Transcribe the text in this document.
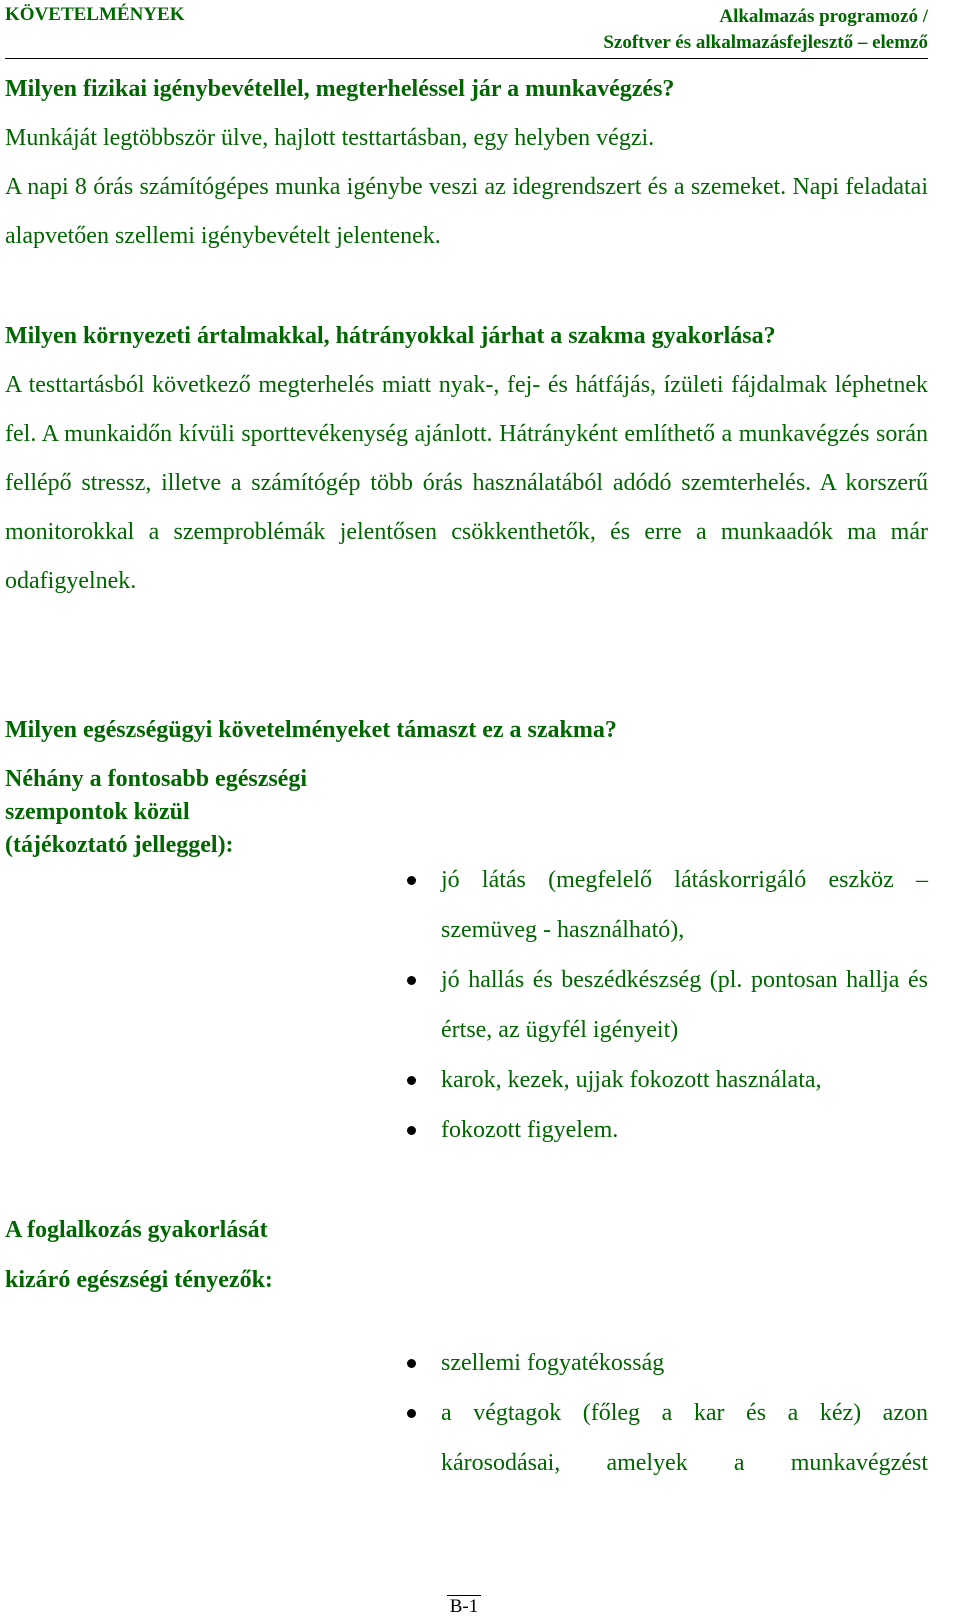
KÖVETELMÉNYEK	Alkalmazás programozó /
Szoftver és alkalmazásfejlesztő – elemző
Milyen fizikai igénybevétellel, megterheléssel jár a munkavégzés?
Munkáját legtöbbször ülve, hajlott testtartásban, egy helyben végzi.
A napi 8 órás számítógépes munka igénybe veszi az idegrendszert és a szemeket. Napi feladatai alapvetően szellemi igénybevételt jelentenek.
Milyen környezeti ártalmakkal, hátrányokkal járhat a szakma gyakorlása?
A testtartásból következő megterhelés miatt nyak-, fej- és hátfájás, ízületi fájdalmak léphetnek fel. A munkaidőn kívüli sporttevékenység ajánlott. Hátrányként említhető a munkavégzés során fellépő stressz, illetve a számítógép több órás használatából adódó szemterhelés. A korszerű monitorokkal a szemproblémák jelentősen csökkenthetők, és erre a munkaadók ma már odafigyelnek.
Milyen egészségügyi követelményeket támaszt ez a szakma?
Néhány a fontosabb egészségi
szempontok közül
(tájékoztató jelleggel):
jó látás (megfelelő látáskorrigáló eszköz – szemüveg - használható),
jó hallás és beszédkészség (pl. pontosan hallja és értse, az ügyfél igényeit)
karok, kezek, ujjak fokozott használata,
fokozott figyelem.
A foglalkozás gyakorlását
kizáró egészségi tényezők:
szellemi fogyatékosság
a végtagok (főleg a kar és a kéz) azon károsodásai, amelyek a munkavégzést
B-1
